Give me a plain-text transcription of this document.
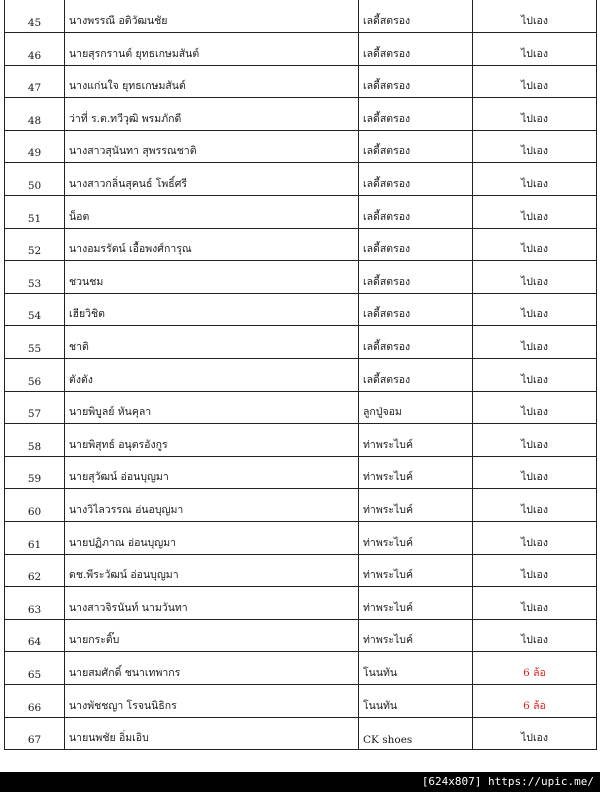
45	นางพรรณี อติวัฒนชัย	เลดี้สตรอง	ไปเอง
46	นายสุรกรานต์ ยุทธเกษมสันต์	เลดี้สตรอง	ไปเอง
47	นางแก่นใจ ยุทธเกษมสันต์	เลดี้สตรอง	ไปเอง
48	ว่าที่ ร.ต.ทวีวุฒิ พรมภักดี	เลดี้สตรอง	ไปเอง
49	นางสาวสุนันทา สุพรรณชาติ	เลดี้สตรอง	ไปเอง
50	นางสาวกลิ่นสุคนธ์ โพธิ์ศรี	เลดี้สตรอง	ไปเอง
51	น็อต	เลดี้สตรอง	ไปเอง
52	นางอมรรัตน์ เอื้อพงศ์การุณ	เลดี้สตรอง	ไปเอง
53	ชวนชม	เลดี้สตรอง	ไปเอง
54	เฮียวิชิต	เลดี้สตรอง	ไปเอง
55	ชาติ	เลดี้สตรอง	ไปเอง
56	ตังตัง	เลดี้สตรอง	ไปเอง
57	นายพิบูลย์ หันคุลา	ลูกปู่จอม	ไปเอง
58	นายพิสุทธ์ อนุตรอังกูร	ท่าพระไบค์	ไปเอง
59	นายสุวัฒน์ อ่อนบุญมา	ท่าพระไบค์	ไปเอง
60	นางวิไลวรรณ อ่นอบุญมา	ท่าพระไบค์	ไปเอง
61	นายปฏิภาณ อ่อนบุญมา	ท่าพระไบค์	ไปเอง
62	ดช.พีระวัฒน์ อ่อนบุญมา	ท่าพระไบค์	ไปเอง
63	นางสาวจิรนันท์ นามวันทา	ท่าพระไบค์	ไปเอง
64	นายกระติ๊บ	ท่าพระไบค์	ไปเอง
65	นายสมศักดิ์ ชนาเทพากร	โนนทัน	6 ล้อ
66	นางพัชชญา โรจนนิธิกร	โนนทัน	6 ล้อ
67	นายนพชัย อิ่มเอิบ	CK shoes	ไปเอง
[624x807] https://upic.me/
